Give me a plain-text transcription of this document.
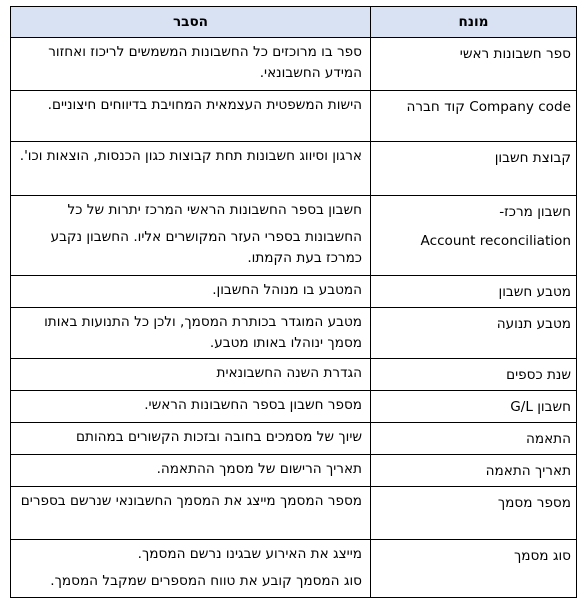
מונח	הסבר

ספר חשבונות ראשי	ספר בו מרוכזים כל החשבונות המשמשים לריכוז ואחזור המידע החשבונאי.

Company code קוד חברה	הישות המשפטית העצמאית המחויבת בדיווחים חיצוניים.

קבוצת חשבון	ארגון וסיווג חשבונות תחת קבוצות כגון הכנסות, הוצאות וכו'.

חשבון מרכז-
Account reconciliation	חשבון בספר החשבונות הראשי המרכז יתרות של כל
החשבונות בספרי העזר המקושרים אליו. החשבון נקבע כמרכז בעת הקמתו.

מטבע חשבון	המטבע בו מנוהל החשבון.

מטבע תנועה	מטבע המוגדר בכותרת המסמך, ולכן כל התנועות באותו מסמך ינוהלו באותו מטבע.

שנת כספים	הגדרת השנה החשבונאית

חשבון G/L	מספר חשבון בספר החשבונות הראשי.

התאמה	שיוך של מסמכים בחובה ובזכות הקשורים במהותם

תאריך התאמה	תאריך הרישום של מסמך ההתאמה.

מספר מסמך	מספר המסמך מייצג את המסמך החשבונאי שנרשם בספרים

סוג מסמך	מייצג את האירוע שבגינו נרשם המסמך.
סוג המסמך קובע את טווח המספרים שמקבל המסמך.
